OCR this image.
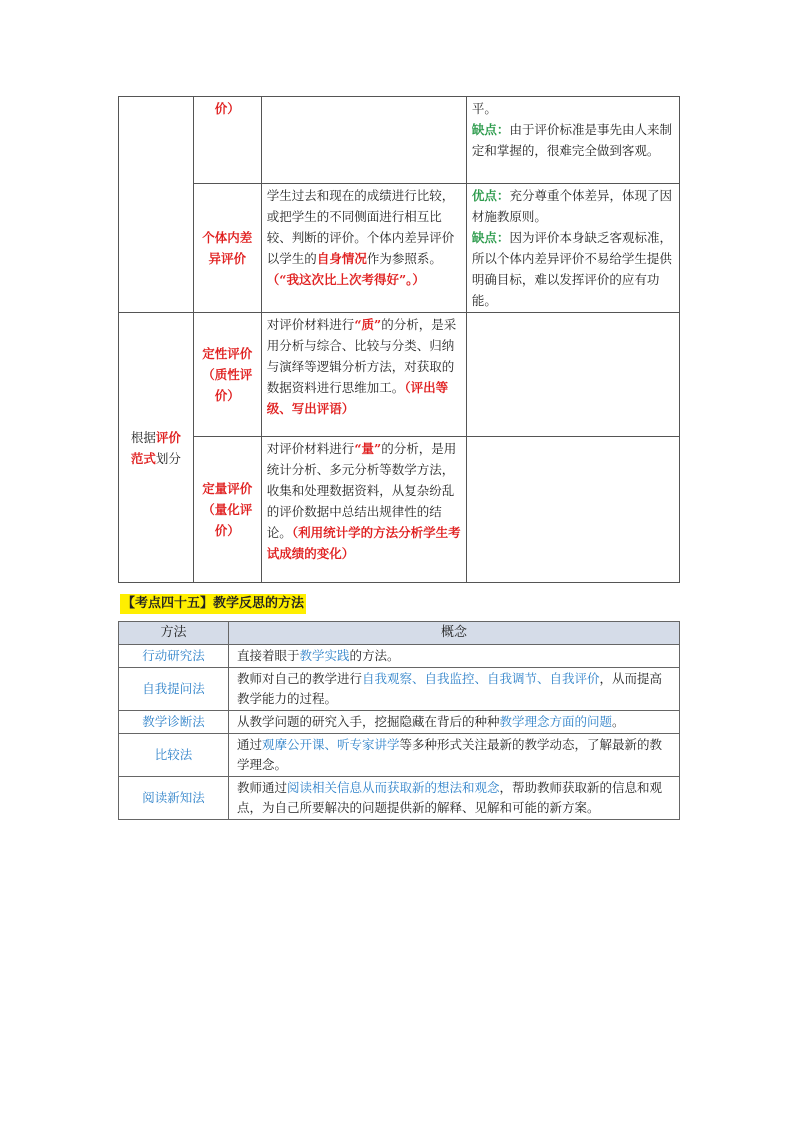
	价）		平。
缺点：由于评价标准是事先由人来制定和掌握的，很难完全做到客观。
	个体内差异评价	学生过去和现在的成绩进行比较，或把学生的不同侧面进行相互比较、判断的评价。个体内差异评价以学生的自身情况作为参照系。（“我这次比上次考得好”。）	优点：充分尊重个体差异，体现了因材施教原则。
缺点：因为评价本身缺乏客观标准，所以个体内差异评价不易给学生提供明确目标，难以发挥评价的应有功能。
根据评价
范式划分	定性评价（质性评价）	对评价材料进行“质”的分析，是采用分析与综合、比较与分类、归纳与演绎等逻辑分析方法，对获取的数据资料进行思维加工。（评出等级、写出评语）	
	定量评价（量化评价）	对评价材料进行“量”的分析，是用统计分析、多元分析等数学方法，收集和处理数据资料，从复杂纷乱的评价数据中总结出规律性的结论。（利用统计学的方法分析学生考试成绩的变化）	
【考点四十五】教学反思的方法
方法	概念
行动研究法	直接着眼于教学实践的方法。
自我提问法	教师对自己的教学进行自我观察、自我监控、自我调节、自我评价，从而提高教学能力的过程。
教学诊断法	从教学问题的研究入手，挖掘隐藏在背后的种种教学理念方面的问题。
比较法	通过观摩公开课、听专家讲学等多种形式关注最新的教学动态，了解最新的教学理念。
阅读新知法	教师通过阅读相关信息从而获取新的想法和观念，帮助教师获取新的信息和观点，为自己所要解决的问题提供新的解释、见解和可能的新方案。
